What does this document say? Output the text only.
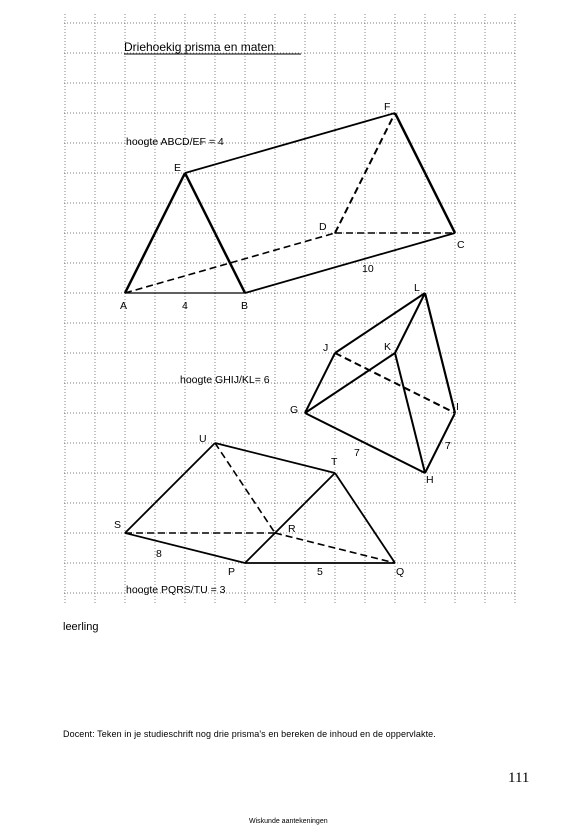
Driehoekig prisma en maten
hoogte ABCD/EF = 4
F
E
D
C
A	B
4
10
hoogte GHIJ/KL= 6
L
J	K
I
G
H
7
7
U
T
S	R
P	Q
8
5
hoogte PQRS/TU = 3
leerling
Docent: Teken in je studieschrift nog drie prisma's en bereken de inhoud en de oppervlakte.
111
Wiskunde aantekeningen
